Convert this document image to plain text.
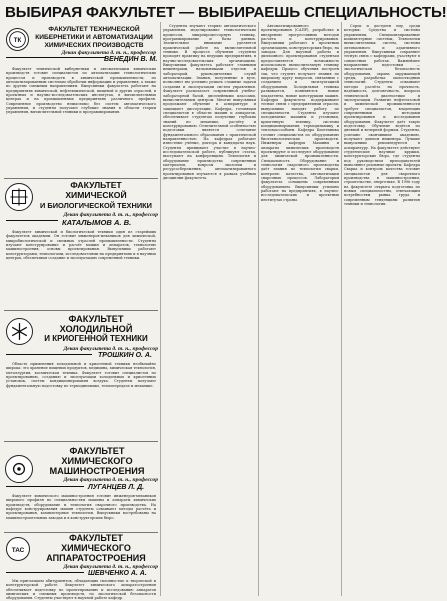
ВЫБИРАЯ ФАКУЛЬТЕТ — ВЫБИРАЕШЬ СПЕЦИАЛЬНОСТЬ!
ТК
ФАКУЛЬТЕТ ТЕХНИЧЕСКОЙ
КИБЕРНЕТИКИ И АВТОМАТИЗАЦИИ
ХИМИЧЕСКИХ ПРОИЗВОДСТВ
Декан факультета д. т. н., профессор
ВЕНЕДИН В. М.

Факультет технической кибернетики и автоматизации химических производств готовит специалистов по автоматизации технологических процессов и производств в химической промышленности, по автоматизированным системам обработки информации и управления, а также по другим смежным направлениям. Выпускники факультета работают на предприятиях химической, нефтехимической, пищевой и других отраслей, в проектных и научно-исследовательских институтах, в вычислительных центрах и на промышленных предприятиях различного профиля. Современное производство немыслимо без систем автоматического управления, и студенты получают глубокие знания в области теории управления, вычислительной техники и программирования.

ФАКУЛЬТЕТ
ХИМИЧЕСКОЙ
И БИОЛОГИЧЕСКОЙ ТЕХНИКИ
Декан факультета д. т. н., профессор
КАТАЛЫМОВ А. В.

Факультет химической и биологической техники один из старейших факультетов академии. Он готовит инженеров-механиков для химической, микробиологической и смежных отраслей промышленности. Студенты изучают конструирование и расчёт машин и аппаратов, технологию машиностроения, основы проектирования. Выпускники работают конструкторами, технологами, исследователями на предприятиях и в научных центрах, обеспечивая создание и эксплуатацию современной техники.

ФАКУЛЬТЕТ
ХОЛОДИЛЬНОЙ
И КРИОГЕННОЙ ТЕХНИКИ
Декан факультета д. т. н., профессор
ТРОШКИН О. А.

Область применения холодильной и криогенной техники необычайно широка: это хранение пищевых продуктов, медицина, химическая технология, металлургия, космическая техника. Факультет готовит специалистов по проектированию, созданию и эксплуатации холодильных и криогенных установок, систем кондиционирования воздуха. Студенты получают фундаментальную подготовку по термодинамике, теплопередаче и механике.

ФАКУЛЬТЕТ
ХИМИЧЕСКОГО
МАШИНОСТРОЕНИЯ
Декан факультета д. т. н., профессор
ЛУГАНЦЕВ Л. Д.

Факультет химического машиностроения готовит инженеров-механиков широкого профиля по специальностям машины и аппараты химических производств, оборудование и технология сварочного производства. На кафедре конструирования машин студенты осваивают методы расчёта и проектирования, компьютерные технологии. Выпускники востребованы на машиностроительных заводах и в конструкторских бюро.

ТАС
ФАКУЛЬТЕТ
ХИМИЧЕСКОГО
АППАРАТОСТРОЕНИЯ
Декан факультета д. т. н., профессор
ШЕВЧЕНКО А. А.

Мы приглашаем абитуриентов, обладающих склонностью к творческой и конструкторской работе. Факультет химического аппаратостроения обеспечивает подготовку по проектированию и исследованию аппаратов химических и смежных производств, по экологической безопасности оборудования. Студенты участвуют в научной работе кафедр.

Студенты изучают теорию автоматического управления, моделирование технологических процессов, микропроцессорную технику, программирование и базы данных. Значительное внимание уделяется практической работе на вычислительной технике. В процессе обучения студенты проходят практику на ведущих предприятиях, в научно-исследовательских организациях. Выпускники факультета работают главными инженерами, начальниками отделов и лабораторий, руководителями служб автоматизации. Знания, полученные в вузе, позволяют им успешно решать сложные задачи создания и эксплуатации систем управления. Факультет располагает современной учебно-лабораторной базой, дисплейными классами, вычислительным центром. Многие выпускники продолжают обучение в аспирантуре и защищают диссертации. Кафедра, готовящая специалистов в области машин и аппаратов, обеспечивает студентам получение глубоких знаний по механике, расчёту и конструированию. Отличительной особенностью подготовки является сочетание фундаментального образования с практической направленностью. На кафедрах работают известные учёные, доктора и кандидаты наук. Студенты принимают участие в научно-исследовательской работе, публикуют статьи, выступают на конференциях. Технология и оборудование производства современных материалов, вопросы экологии и ресурсосбережения, автоматизированного проектирования изучаются в рамках учебных дисциплин факультета.

Автоматизированного проектирования (САПР), разработке и внедрению прогрессивных методов расчёта и конструирования. Выпускники работают в проектных организациях, конструкторских бюро, на заводах. Для научной работы и дипломного проектирования студентам предоставляется возможность использовать вычислительную технику кафедры. Процесс обучения построен так, что студент получает знания по широкому кругу вопросов, связанных с созданием и эксплуатацией оборудования. Холодильная техника развивается, появляются новые хладагенты, новые конструкции машин. Кафедры факультета поддерживают тесные связи с предприятиями отрасли, выпускники находят работу по специальности. Студенты изучают холодильные машины и установки, криогенную технику, системы кондиционирования, термодинамику и тепломассообмен. Кафедра Биотехника готовит специалистов по оборудованию биотехнологических производств. Инженеры кафедры Машины и аппараты химических производств проектируют и исследуют оборудование для химической промышленности. Специальность Оборудование и технология сварочного производства даёт знания по технологии сварки, контролю качества, автоматизации сварочных процессов. Лаборатории факультета оснащены современным оборудованием. Выпускники успешно работают на предприятиях, в научно-исследовательских и проектных институтах страны.

Сорок и доступен ему, среди которых: Средства и системы управления, Специализированные компьютерные системы, Технологии вычислительных систем, системы оптимального и адаптивного управления. Выпускники сохраняют тесную связь с кафедрами, участвуют в совместных работах. Важнейшее направление подготовки — экологическая безопасность оборудования, охрана окружающей среды, разработка малоотходных технологий. Студенты осваивают методы расчёта на прочность, надёжность, долговечность, вопросы технической диагностики и эксплуатации. Развитие нефтегазовой и химической промышленности требует специалистов, владеющих современными методами проектирования и исследования оборудования. Факультет даёт такую подготовку. Обучение ведётся по дневной и вечерней формам. Студенты, успешно окончившие академию, получают диплом инженера. Лучшие выпускники рекомендуются в аспирантуру. На факультете действуют студенческие научные кружки, конструкторские бюро, где студенты под руководством преподавателей выполняют реальные проекты. Кафедра Сварка и контроль качества готовит специалистов для сварочного производства в машиностроении, строительстве, энергетике. В 1996 году на факультете открыта подготовка по новым специальностям, отвечающим потребностям рынка труда и современным тенденциям развития техники и технологии.
